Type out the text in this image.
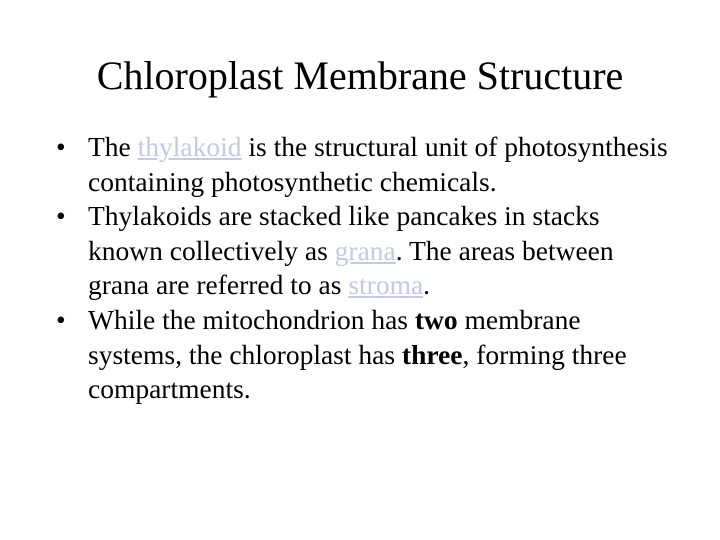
Chloroplast Membrane Structure
• The thylakoid is the structural unit of photosynthesis containing photosynthetic chemicals.
• Thylakoids are stacked like pancakes in stacks known collectively as grana. The areas between grana are referred to as stroma.
• While the mitochondrion has two membrane systems, the chloroplast has three, forming three compartments.
